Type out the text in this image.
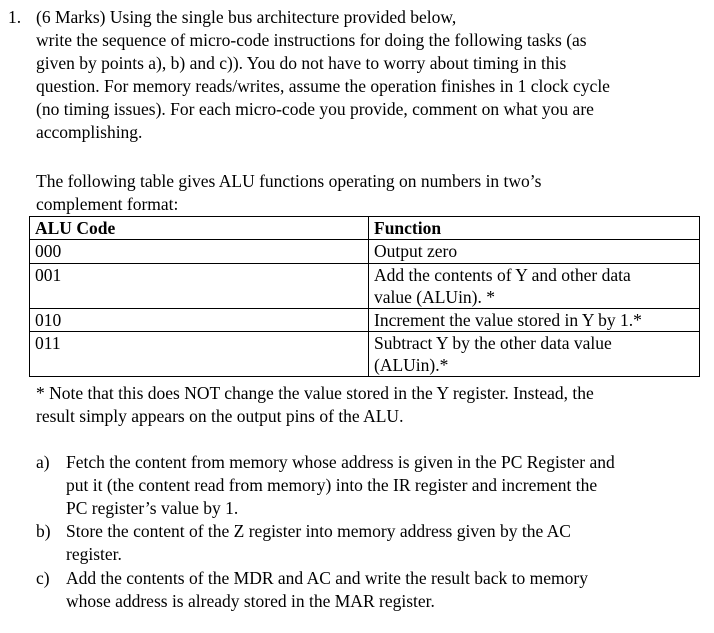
1. (6 Marks) Using the single bus architecture provided below,
write the sequence of micro-code instructions for doing the following tasks (as
given by points a), b) and c)). You do not have to worry about timing in this
question. For memory reads/writes, assume the operation finishes in 1 clock cycle
(no timing issues). For each micro-code you provide, comment on what you are
accomplishing.
The following table gives ALU functions operating on numbers in two’s
complement format:
ALU Code	Function
000	Output zero

001	Add the contents of Y and other data
value (ALUin). *

010	Increment the value stored in Y by 1.*

011	Subtract Y by the other data value
(ALUin).*
* Note that this does NOT change the value stored in the Y register. Instead, the
result simply appears on the output pins of the ALU.
a) Fetch the content from memory whose address is given in the PC Register and
put it (the content read from memory) into the IR register and increment the
PC register’s value by 1.
b) Store the content of the Z register into memory address given by the AC
register.
c) Add the contents of the MDR and AC and write the result back to memory
whose address is already stored in the MAR register.
